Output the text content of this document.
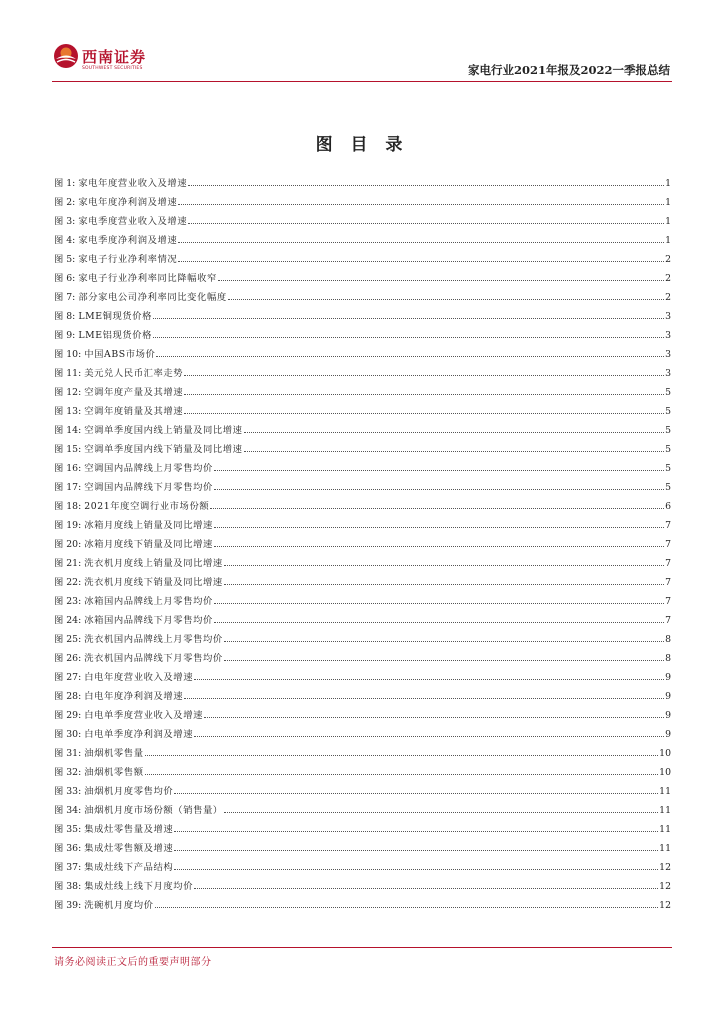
西南证券
SOUTHWEST SECURITIES	家电行业2021年报及2022一季报总结
图 目 录
图 1: 家电年度营业收入及增速	1
图 2: 家电年度净利润及增速	1
图 3: 家电季度营业收入及增速	1
图 4: 家电季度净利润及增速	1
图 5: 家电子行业净利率情况	2
图 6: 家电子行业净利率同比降幅收窄	2
图 7: 部分家电公司净利率同比变化幅度	2
图 8: LME铜现货价格	3
图 9: LME铝现货价格	3
图 10: 中国ABS市场价	3
图 11: 美元兑人民币汇率走势	3
图 12: 空调年度产量及其增速	5
图 13: 空调年度销量及其增速	5
图 14: 空调单季度国内线上销量及同比增速	5
图 15: 空调单季度国内线下销量及同比增速	5
图 16: 空调国内品牌线上月零售均价	5
图 17: 空调国内品牌线下月零售均价	5
图 18: 2021年度空调行业市场份额	6
图 19: 冰箱月度线上销量及同比增速	7
图 20: 冰箱月度线下销量及同比增速	7
图 21: 洗衣机月度线上销量及同比增速	7
图 22: 洗衣机月度线下销量及同比增速	7
图 23: 冰箱国内品牌线上月零售均价	7
图 24: 冰箱国内品牌线下月零售均价	7
图 25: 洗衣机国内品牌线上月零售均价	8
图 26: 洗衣机国内品牌线下月零售均价	8
图 27: 白电年度营业收入及增速	9
图 28: 白电年度净利润及增速	9
图 29: 白电单季度营业收入及增速	9
图 30: 白电单季度净利润及增速	9
图 31: 油烟机零售量	10
图 32: 油烟机零售额	10
图 33: 油烟机月度零售均价	11
图 34: 油烟机月度市场份额（销售量）	11
图 35: 集成灶零售量及增速	11
图 36: 集成灶零售额及增速	11
图 37: 集成灶线下产品结构	12
图 38: 集成灶线上线下月度均价	12
图 39: 洗碗机月度均价	12
请务必阅读正文后的重要声明部分
